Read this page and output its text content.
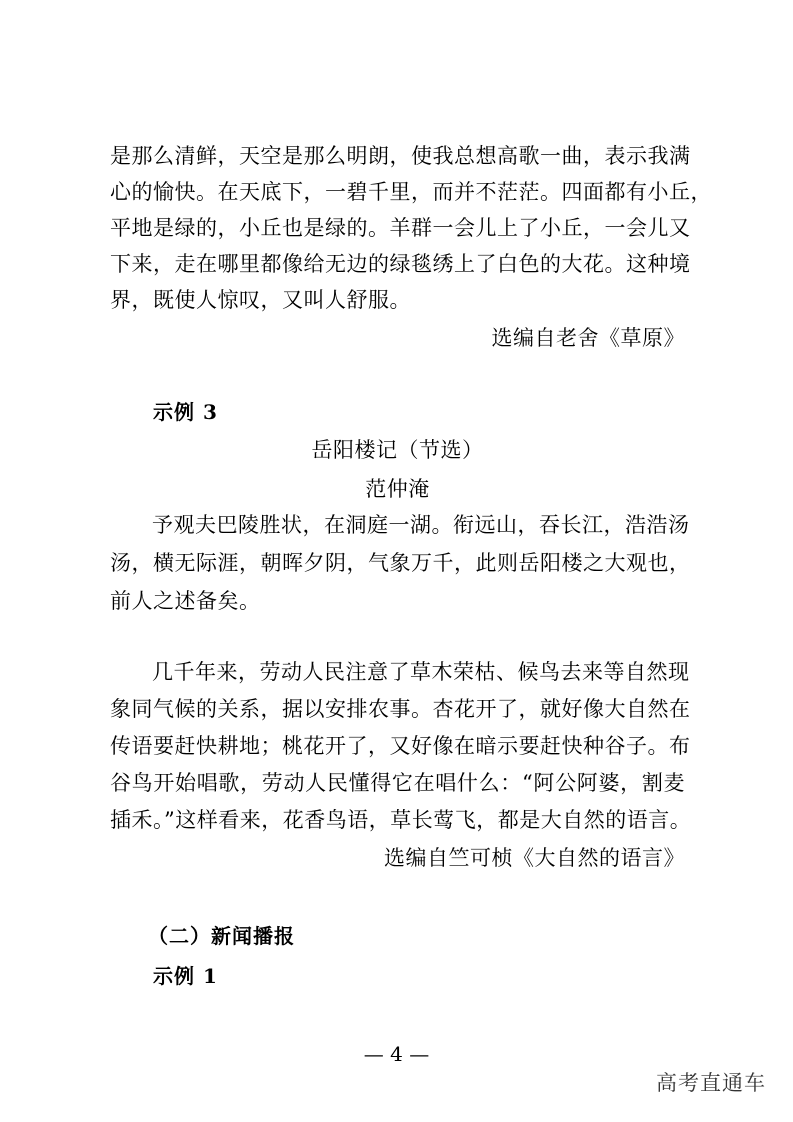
是那么清鲜，天空是那么明朗，使我总想高歌一曲，表示我满
心的愉快。在天底下，一碧千里，而并不茫茫。四面都有小丘，
平地是绿的，小丘也是绿的。羊群一会儿上了小丘，一会儿又
下来，走在哪里都像给无边的绿毯绣上了白色的大花。这种境
界，既使人惊叹，又叫人舒服。
选编自老舍《草原》
示例 3
岳阳楼记（节选）
范仲淹
予观夫巴陵胜状，在洞庭一湖。衔远山，吞长江，浩浩汤
汤，横无际涯，朝晖夕阴，气象万千，此则岳阳楼之大观也，
前人之述备矣。
几千年来，劳动人民注意了草木荣枯、候鸟去来等自然现
象同气候的关系，据以安排农事。杏花开了，就好像大自然在
传语要赶快耕地；桃花开了，又好像在暗示要赶快种谷子。布
谷鸟开始唱歌，劳动人民懂得它在唱什么：“阿公阿婆，割麦
插禾。”这样看来，花香鸟语，草长莺飞，都是大自然的语言。
选编自竺可桢《大自然的语言》
（二）新闻播报
示例 1
— 4 —
高考直通车
